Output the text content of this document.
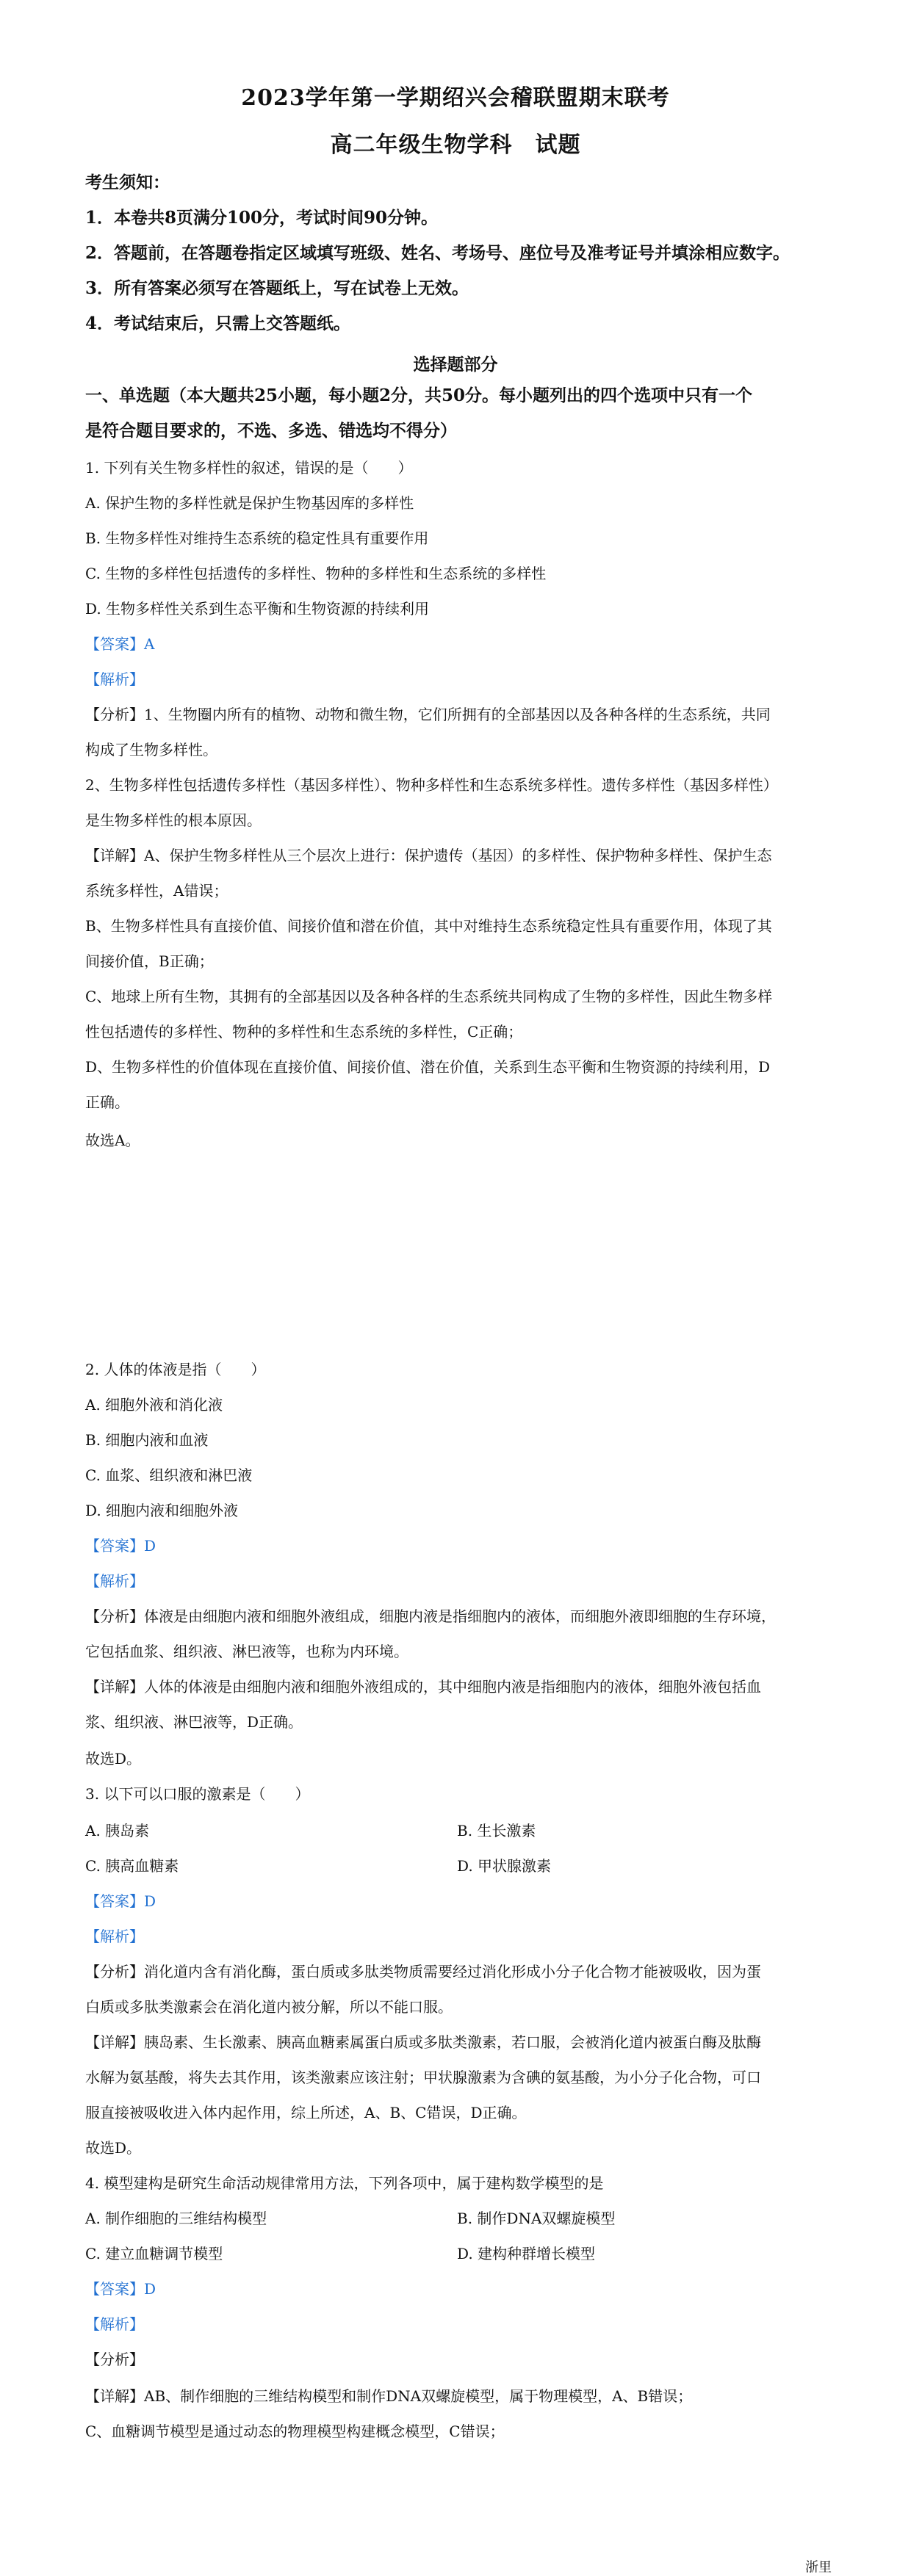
2023学年第一学期绍兴会稽联盟期末联考
高二年级生物学科　试题
考生须知：
1．本卷共8页满分100分，考试时间90分钟。
2．答题前，在答题卷指定区域填写班级、姓名、考场号、座位号及准考证号并填涂相应数字。
3．所有答案必须写在答题纸上，写在试卷上无效。
4．考试结束后，只需上交答题纸。
选择题部分
一、单选题（本大题共25小题，每小题2分，共50分。每小题列出的四个选项中只有一个
是符合题目要求的，不选、多选、错选均不得分）
1. 下列有关生物多样性的叙述，错误的是（　　）
A. 保护生物的多样性就是保护生物基因库的多样性
B. 生物多样性对维持生态系统的稳定性具有重要作用
C. 生物的多样性包括遗传的多样性、物种的多样性和生态系统的多样性
D. 生物多样性关系到生态平衡和生物资源的持续利用
【答案】A
【解析】
【分析】1、生物圈内所有的植物、动物和微生物，它们所拥有的全部基因以及各种各样的生态系统，共同
构成了生物多样性。
2、生物多样性包括遗传多样性（基因多样性）、物种多样性和生态系统多样性。遗传多样性（基因多样性）
是生物多样性的根本原因。
【详解】A、保护生物多样性从三个层次上进行：保护遗传（基因）的多样性、保护物种多样性、保护生态
系统多样性，A错误；
B、生物多样性具有直接价值、间接价值和潜在价值，其中对维持生态系统稳定性具有重要作用，体现了其
间接价值，B正确；
C、地球上所有生物，其拥有的全部基因以及各种各样的生态系统共同构成了生物的多样性，因此生物多样
性包括遗传的多样性、物种的多样性和生态系统的多样性，C正确；
D、生物多样性的价值体现在直接价值、间接价值、潜在价值，关系到生态平衡和生物资源的持续利用，D
正确。
故选A。
2. 人体的体液是指（　　）
A. 细胞外液和消化液
B. 细胞内液和血液
C. 血浆、组织液和淋巴液
D. 细胞内液和细胞外液
【答案】D
【解析】
【分析】体液是由细胞内液和细胞外液组成，细胞内液是指细胞内的液体，而细胞外液即细胞的生存环境，
它包括血浆、组织液、淋巴液等，也称为内环境。
【详解】人体的体液是由细胞内液和细胞外液组成的，其中细胞内液是指细胞内的液体，细胞外液包括血
浆、组织液、淋巴液等，D正确。
故选D。
3. 以下可以口服的激素是（　　）
A. 胰岛素	B. 生长激素
C. 胰高血糖素	D. 甲状腺激素
【答案】D
【解析】
【分析】消化道内含有消化酶，蛋白质或多肽类物质需要经过消化形成小分子化合物才能被吸收，因为蛋
白质或多肽类激素会在消化道内被分解，所以不能口服。
【详解】胰岛素、生长激素、胰高血糖素属蛋白质或多肽类激素，若口服，会被消化道内被蛋白酶及肽酶
水解为氨基酸，将失去其作用，该类激素应该注射；甲状腺激素为含碘的氨基酸，为小分子化合物，可口
服直接被吸收进入体内起作用，综上所述，A、B、C错误，D正确。
故选D。
4. 模型建构是研究生命活动规律常用方法，下列各项中，属于建构数学模型的是
A. 制作细胞的三维结构模型	B. 制作DNA双螺旋模型
C. 建立血糖调节模型	D. 建构种群增长模型
【答案】D
【解析】
【分析】
【详解】AB、制作细胞的三维结构模型和制作DNA双螺旋模型，属于物理模型，A、B错误；
C、血糖调节模型是通过动态的物理模型构建概念模型，C错误；
浙里
